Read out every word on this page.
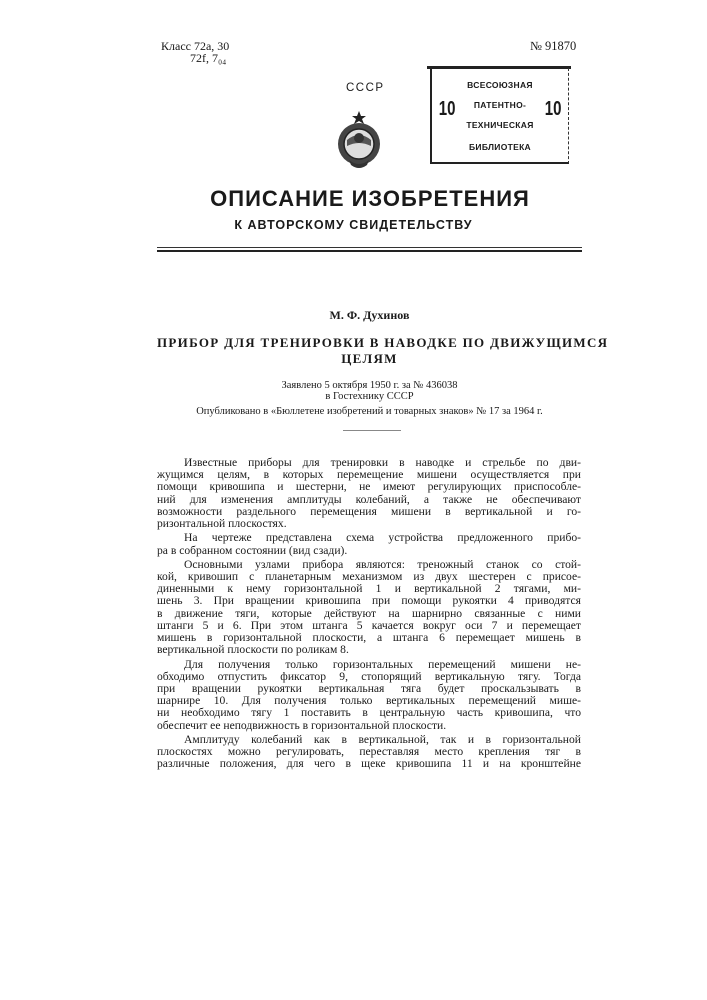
Класс 72а, 30
72f, 7₀₄
№ 91870
СССР
10	10
ВСЕСОЮЗНАЯ
ПАТЕНТНО-
ТЕХНИЧЕСКАЯ
БИБЛИОТЕКА
ОПИСАНИЕ ИЗОБРЕТЕНИЯ
К АВТОРСКОМУ СВИДЕТЕЛЬСТВУ
М. Ф. Духинов
ПРИБОР ДЛЯ ТРЕНИРОВКИ В НАВОДКЕ ПО ДВИЖУЩИМСЯ
ЦЕЛЯМ
Заявлено 5 октября 1950 г. за № 436038
в Гостехнику СССР
Опубликовано в «Бюллетене изобретений и товарных знаков» № 17 за 1964 г.
Известные приборы для тренировки в наводке и стрельбе по дви-
жущимся целям, в которых перемещение мишени осуществляется при
помощи кривошипа и шестерни, не имеют регулирующих приспособле-
ний для изменения амплитуды колебаний, а также не обеспечивают
возможности раздельного перемещения мишени в вертикальной и го-
ризонтальной плоскостях.
На чертеже представлена схема устройства предложенного прибо-
ра в собранном состоянии (вид сзади).
Основными узлами прибора являются: треножный станок со стой-
кой, кривошип с планетарным механизмом из двух шестерен с присое-
диненными к нему горизонтальной 1 и вертикальной 2 тягами, ми-
шень 3. При вращении кривошипа при помощи рукоятки 4 приводятся
в движение тяги, которые действуют на шарнирно связанные с ними
штанги 5 и 6. При этом штанга 5 качается вокруг оси 7 и перемещает
мишень в горизонтальной плоскости, а штанга 6 перемещает мишень в
вертикальной плоскости по роликам 8.
Для получения только горизонтальных перемещений мишени не-
обходимо отпустить фиксатор 9, стопорящий вертикальную тягу. Тогда
при вращении рукоятки вертикальная тяга будет проскальзывать в
шарнире 10. Для получения только вертикальных перемещений мише-
ни необходимо тягу 1 поставить в центральную часть кривошипа, что
обеспечит ее неподвижность в горизонтальной плоскости.
Амплитуду колебаний как в вертикальной, так и в горизонтальной
плоскостях можно регулировать, переставляя место крепления тяг в
различные положения, для чего в щеке кривошипа 11 и на кронштейне
